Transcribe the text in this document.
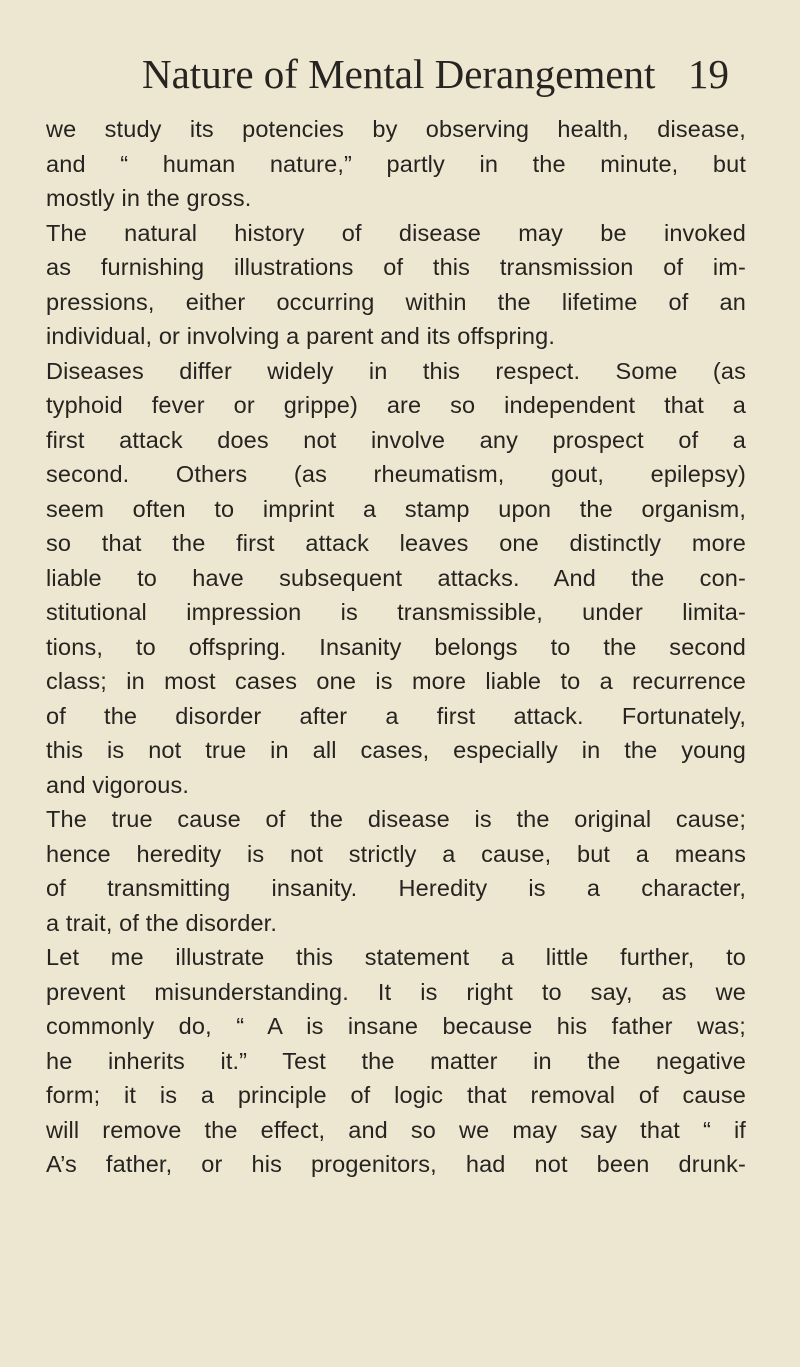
Nature of Mental Derangement 19
we study its potencies by observing health, disease,
and “ human nature,” partly in the minute, but
mostly in the gross.
The natural history of disease may be invoked
as furnishing illustrations of this transmission of im-
pressions, either occurring within the lifetime of an
individual, or involving a parent and its offspring.
Diseases differ widely in this respect. Some (as
typhoid fever or grippe) are so independent that a
first attack does not involve any prospect of a
second. Others (as rheumatism, gout, epilepsy)
seem often to imprint a stamp upon the organism,
so that the first attack leaves one distinctly more
liable to have subsequent attacks. And the con-
stitutional impression is transmissible, under limita-
tions, to offspring. Insanity belongs to the second
class; in most cases one is more liable to a recurrence
of the disorder after a first attack. Fortunately,
this is not true in all cases, especially in the young
and vigorous.
The true cause of the disease is the original cause;
hence heredity is not strictly a cause, but a means
of transmitting insanity. Heredity is a character,
a trait, of the disorder.
Let me illustrate this statement a little further, to
prevent misunderstanding. It is right to say, as we
commonly do, “ A is insane because his father was;
he inherits it.” Test the matter in the negative
form; it is a principle of logic that removal of cause
will remove the effect, and so we may say that “ if
A’s father, or his progenitors, had not been drunk-
